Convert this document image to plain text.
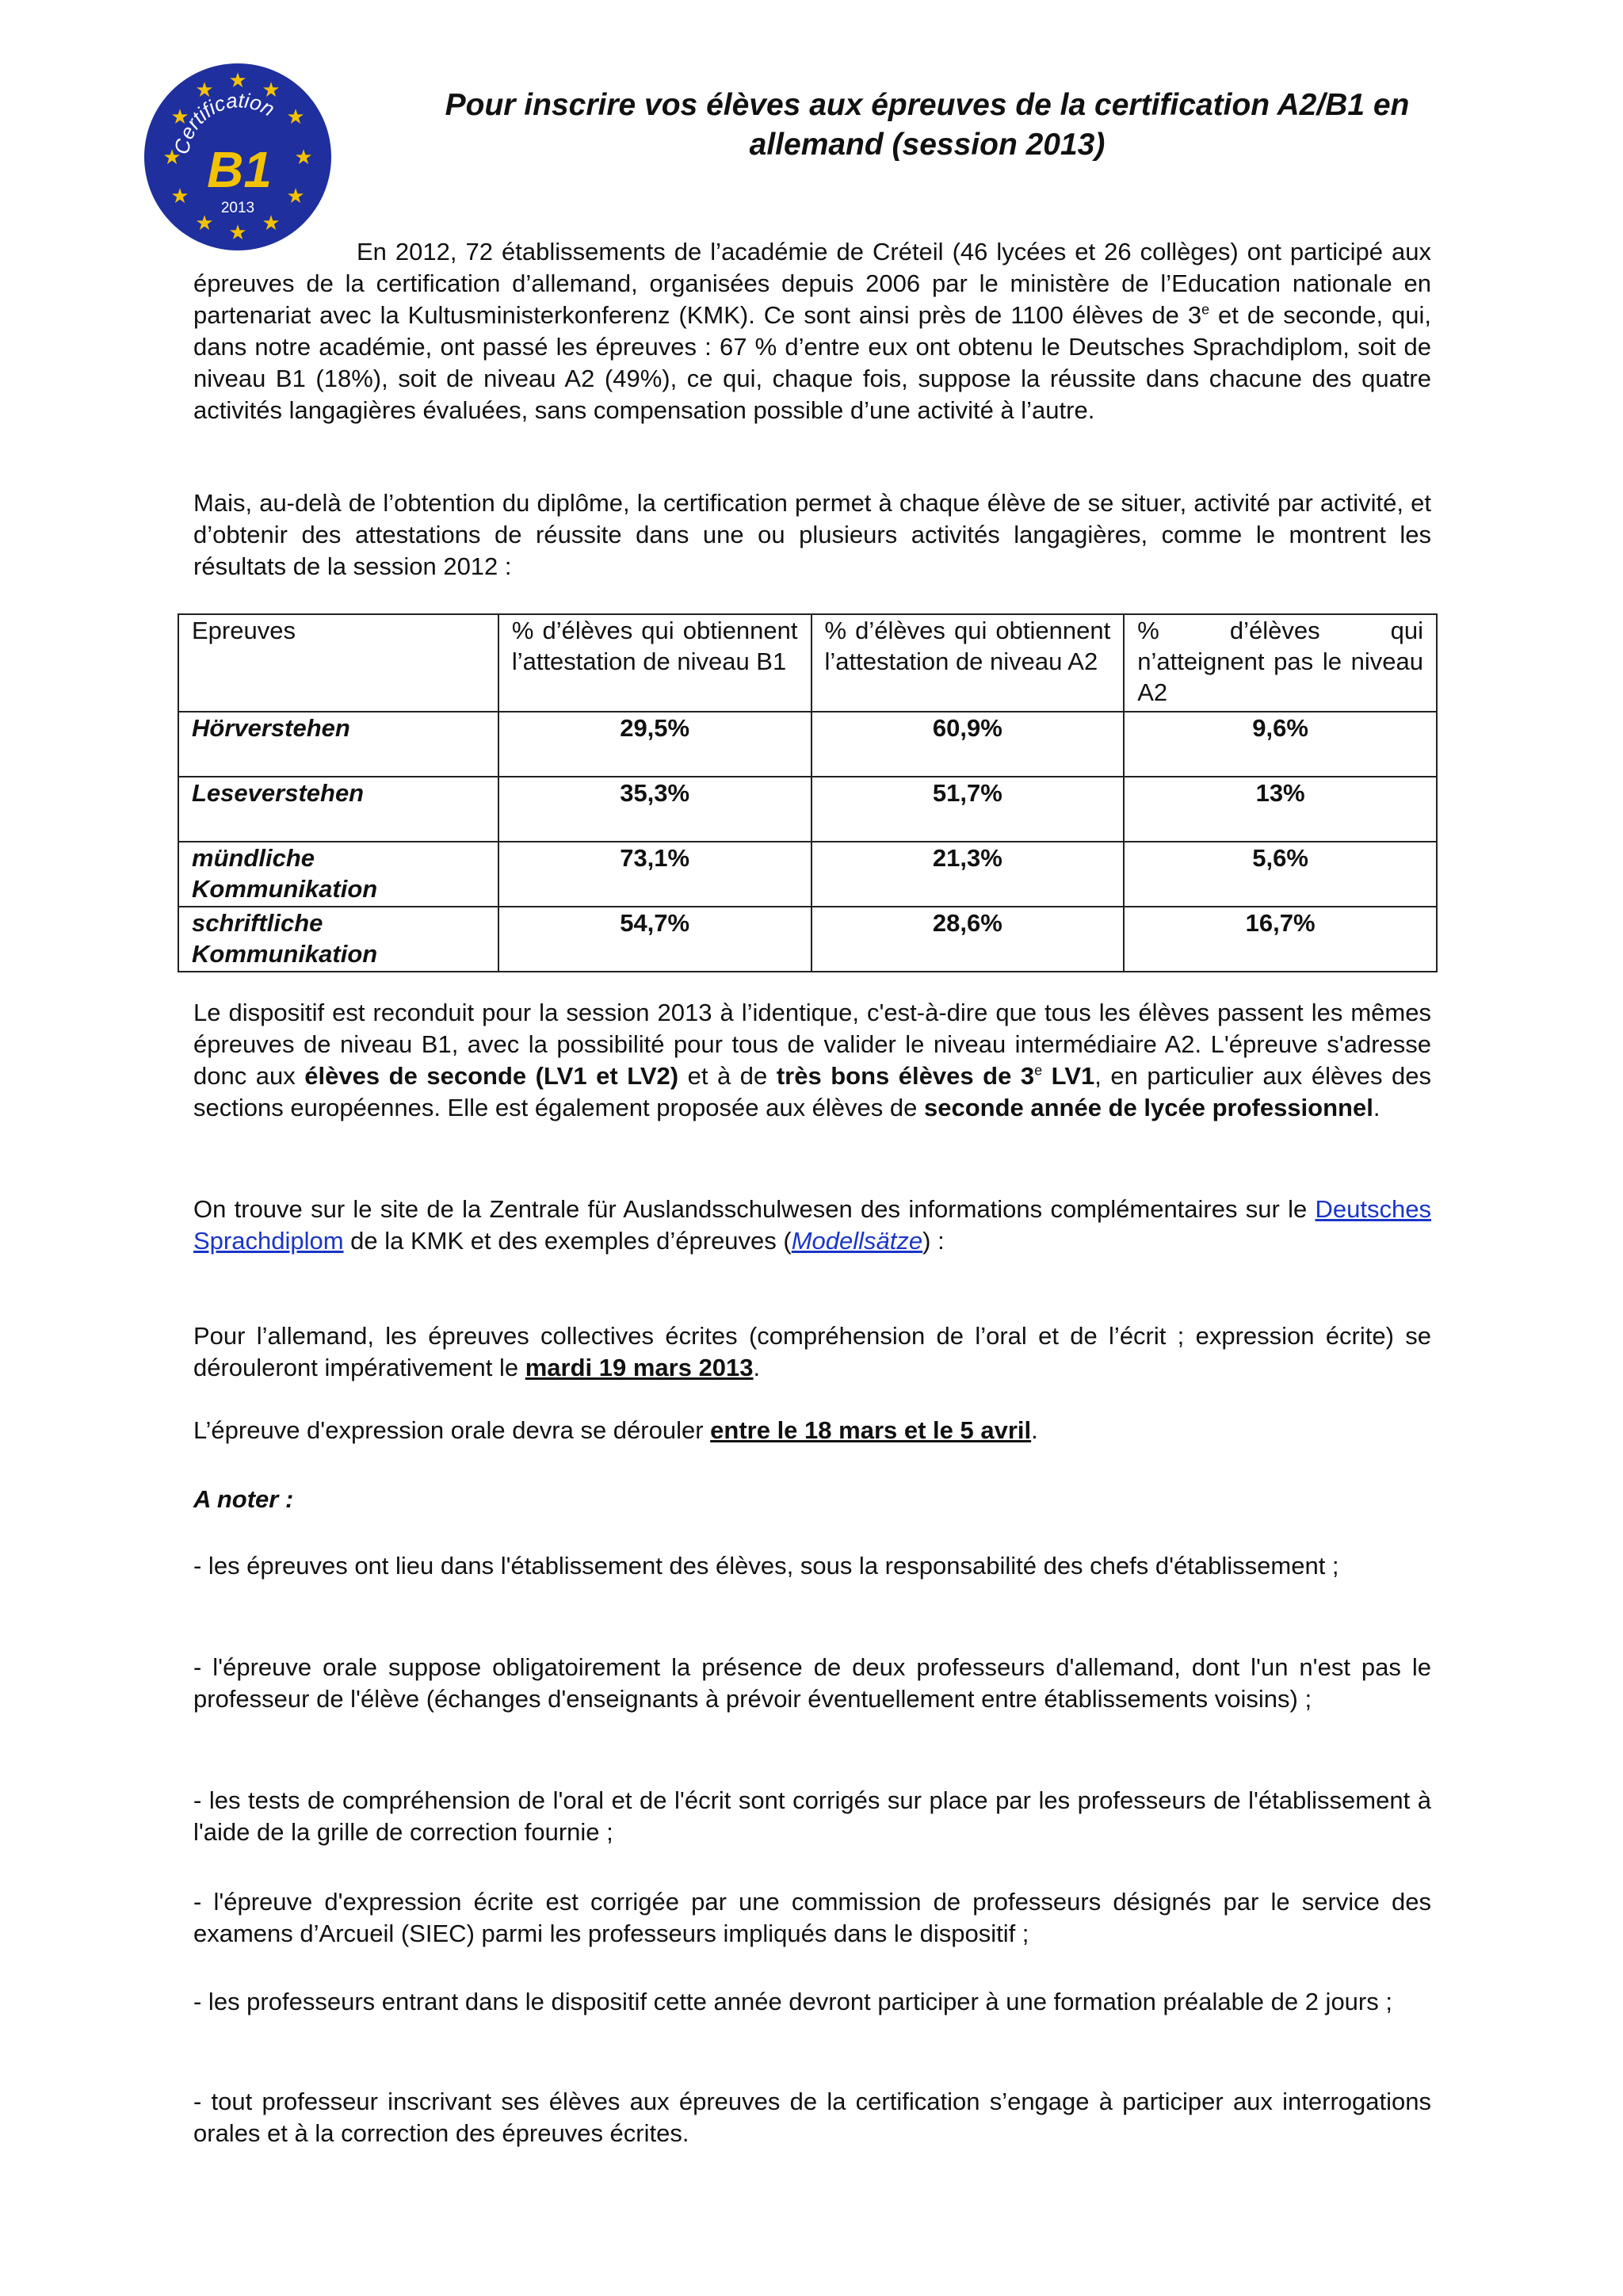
★ ★
★
★
★
★
★
★
★
★
★
★
Certification
B1
2013
Pour inscrire vos élèves aux épreuves de la certification A2/B1 en
allemand (session 2013)

En 2012, 72 établissements de l’académie de Créteil (46 lycées et 26 collèges) ont participé aux épreuves de la certification d’allemand, organisées depuis 2006 par le ministère de l’Education nationale en partenariat avec la Kultusministerkonferenz (KMK). Ce sont ainsi près de 1100 élèves de 3e et de seconde, qui, dans notre académie, ont passé les épreuves : 67 % d’entre eux ont obtenu le Deutsches Sprachdiplom, soit de niveau B1 (18%), soit de niveau A2 (49%), ce qui, chaque fois, suppose la réussite dans chacune des quatre activités langagières évaluées, sans compensation possible d’une activité à l’autre.

Mais, au-delà de l’obtention du diplôme, la certification permet à chaque élève de se situer, activité par activité, et d’obtenir des attestations de réussite dans une ou plusieurs activités langagières, comme le montrent les résultats de la session 2012 :

Epreuves	% d’élèves qui obtiennent l’attestation de niveau B1	% d’élèves qui obtiennent l’attestation de niveau A2	% d’élèves qui n’atteignent pas le niveau A2

Hörverstehen	29,5%	60,9%	9,6%

Leseverstehen	35,3%	51,7%	13%

mündliche
Kommunikation	73,1%	21,3%	5,6%

schriftliche
Kommunikation	54,7%	28,6%	16,7%

Le dispositif est reconduit pour la session 2013 à l’identique, c'est-à-dire que tous les élèves passent les mêmes épreuves de niveau B1, avec la possibilité pour tous de valider le niveau intermédiaire A2. L'épreuve s'adresse donc aux élèves de seconde (LV1 et LV2) et à de très bons élèves de 3e LV1, en particulier aux élèves des sections européennes. Elle est également proposée aux élèves de seconde année de lycée professionnel.

On trouve sur le site de la Zentrale für Auslandsschulwesen des informations complémentaires sur le Deutsches Sprachdiplom de la KMK et des exemples d’épreuves (Modellsätze) :

Pour l’allemand, les épreuves collectives écrites (compréhension de l’oral et de l’écrit ; expression écrite) se dérouleront impérativement le mardi 19 mars 2013.

L’épreuve d'expression orale devra se dérouler entre le 18 mars et le 5 avril.

A noter :

- les épreuves ont lieu dans l'établissement des élèves, sous la responsabilité des chefs d'établissement ;

- l'épreuve orale suppose obligatoirement la présence de deux professeurs d'allemand, dont l'un n'est pas le professeur de l'élève (échanges d'enseignants à prévoir éventuellement entre établissements voisins) ;

- les tests de compréhension de l'oral et de l'écrit sont corrigés sur place par les professeurs de l'établissement à l'aide de la grille de correction fournie ;

- l'épreuve d'expression écrite est corrigée par une commission de professeurs désignés par le service des examens d’Arcueil (SIEC) parmi les professeurs impliqués dans le dispositif ;

- les professeurs entrant dans le dispositif cette année devront participer à une formation préalable de 2 jours ;

- tout professeur inscrivant ses élèves aux épreuves de la certification s’engage à participer aux interrogations orales et à la correction des épreuves écrites.
